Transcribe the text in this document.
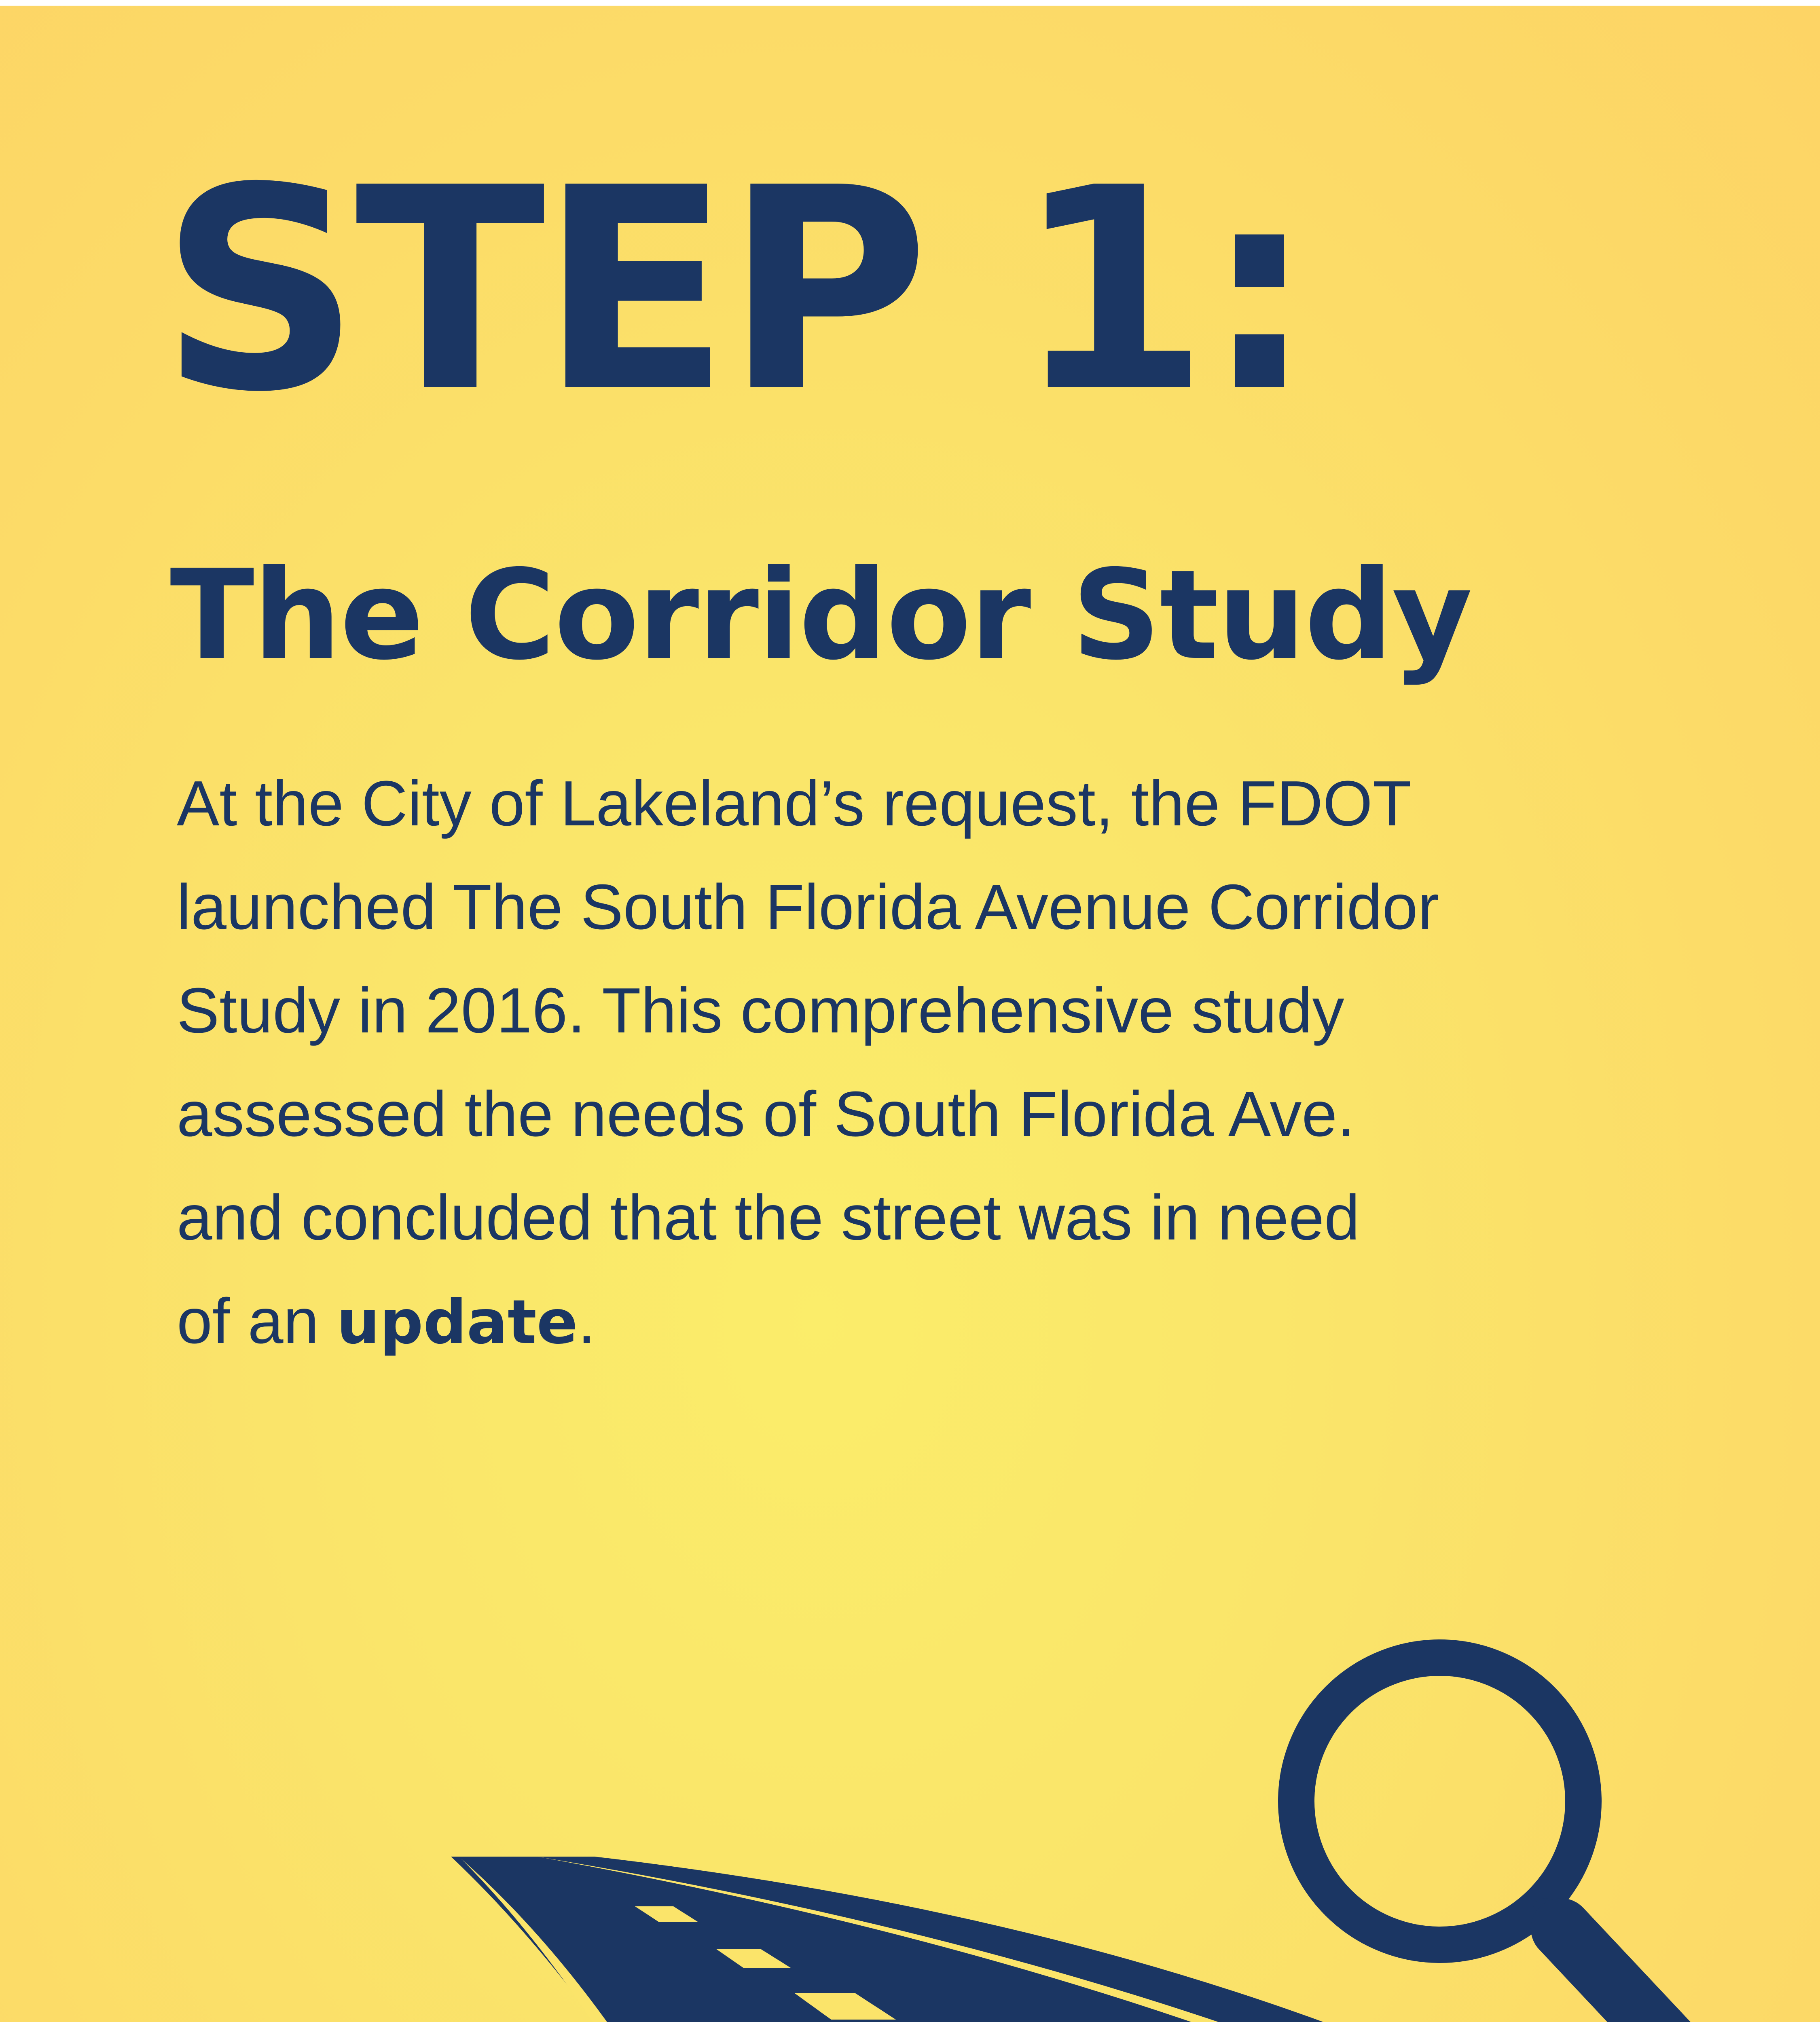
STEP 1:
The Corridor Study

At the City of Lakeland’s request, the FDOT
launched The South Florida Avenue Corridor
Study in 2016. This comprehensive study
assessed the needs of South Florida Ave.
and concluded that the street was in need
of an update.
